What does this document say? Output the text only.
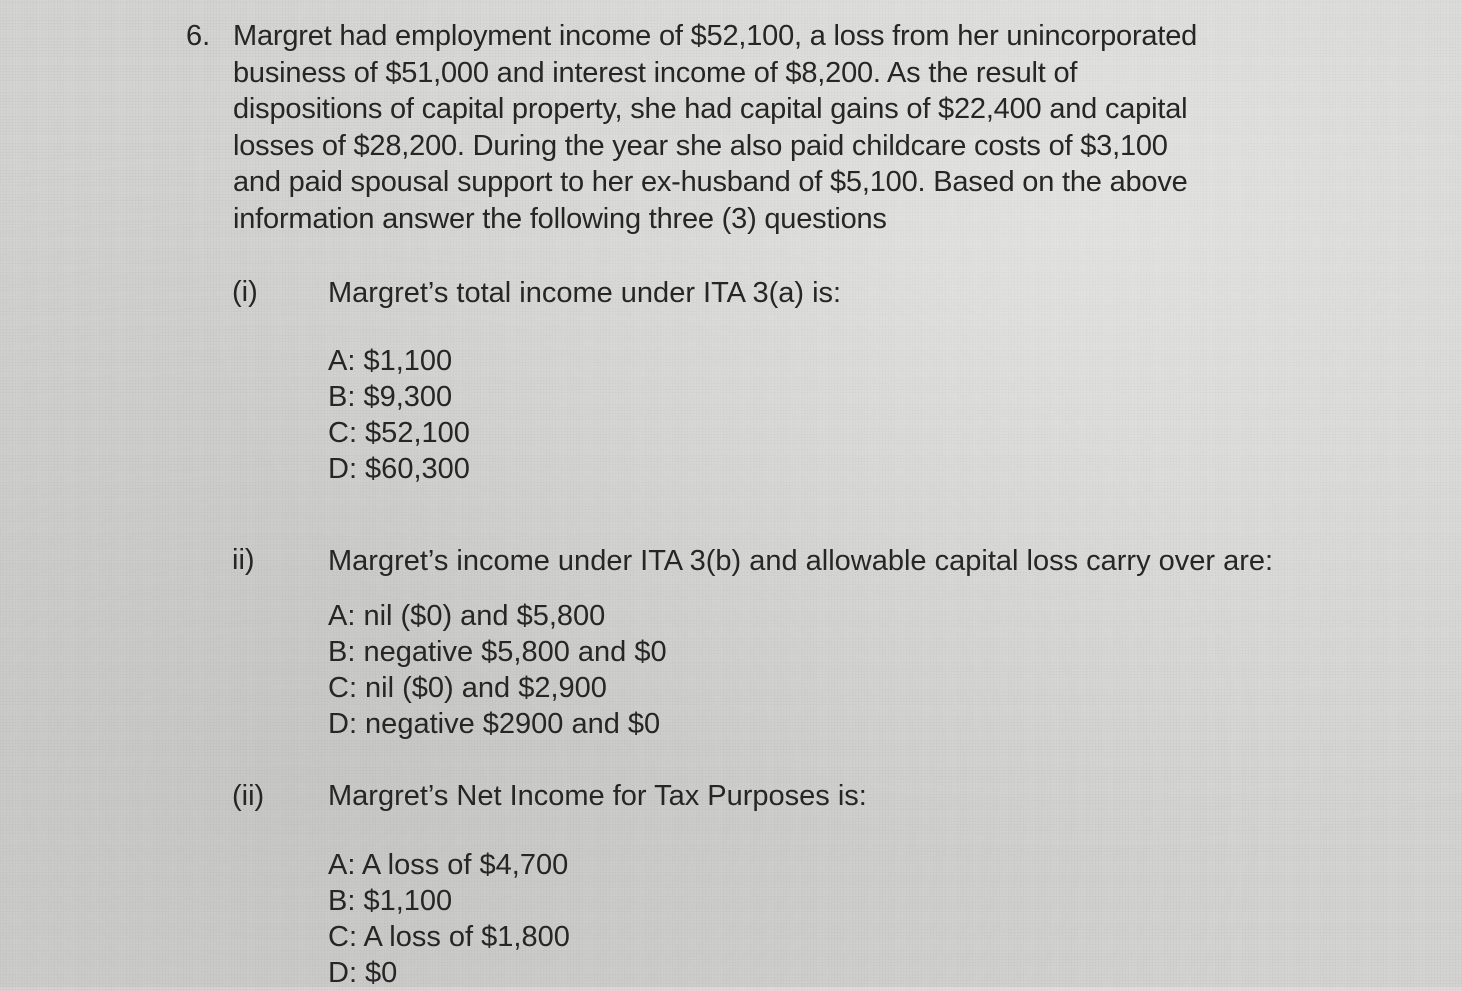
6. Margret had employment income of $52,100, a loss from her unincorporated
business of $51,000 and interest income of $8,200. As the result of
dispositions of capital property, she had capital gains of $22,400 and capital
losses of $28,200. During the year she also paid childcare costs of $3,100
and paid spousal support to her ex-husband of $5,100. Based on the above
information answer the following three (3) questions
(i) Margret’s total income under ITA 3(a) is:
A: $1,100
B: $9,300
C: $52,100
D: $60,300
ii)	Margret’s income under ITA 3(b) and allowable capital loss carry over are:
A: nil ($0) and $5,800
B: negative $5,800 and $0
C: nil ($0) and $2,900
D: negative $2900 and $0
(ii) Margret’s Net Income for Tax Purposes is:
A: A loss of $4,700
B: $1,100
C: A loss of $1,800
D: $0
